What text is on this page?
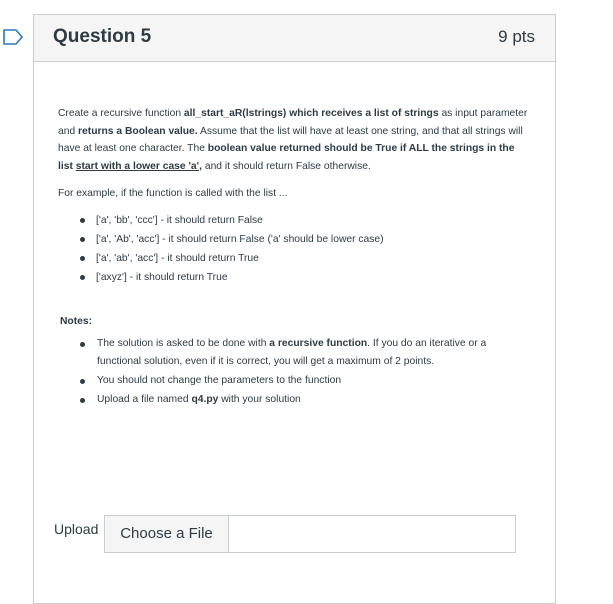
Question 5	9 pts

Create a recursive function all_start_aR(lstrings) which receives a list of strings as input parameter and returns a Boolean value. Assume that the list will have at least one string, and that all strings will have at least one character. The boolean value returned should be True if ALL the strings in the list start with a lower case 'a', and it should return False otherwise.

For example, if the function is called with the list ...

['a', 'bb', 'ccc'] - it should return False
['a', 'Ab', 'acc'] - it should return False ('a' should be lower case)
['a', 'ab', 'acc'] - it should return True
['axyz'] - it should return True
Notes:
The solution is asked to be done with a recursive function. If you do an iterative or a functional solution, even if it is correct, you will get a maximum of 2 points.
You should not change the parameters to the function
Upload a file named q4.py with your solution
Upload	Choose a File
